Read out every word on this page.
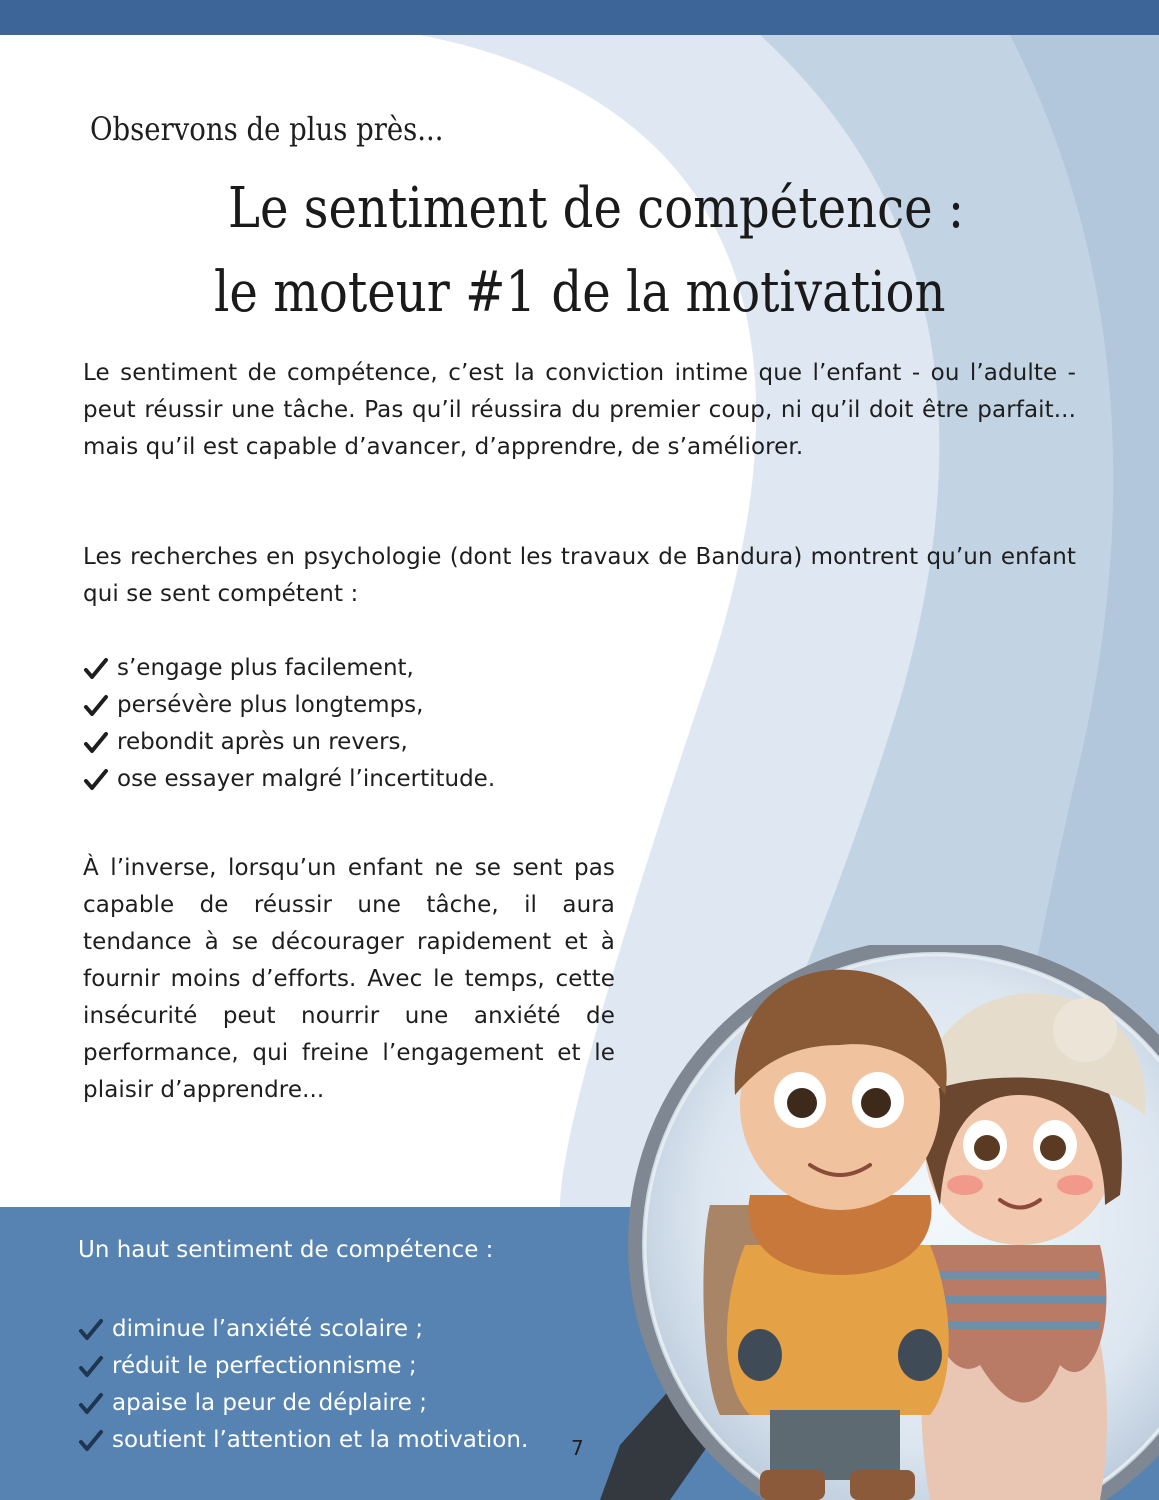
Observons de plus près...
Le sentiment de compétence :
le moteur #1 de la motivation

Le sentiment de compétence, c’est la conviction intime que l’enfant - ou l’adulte - peut réussir une tâche. Pas qu’il réussira du premier coup, ni qu’il doit être parfait... mais qu’il est capable d’avancer, d’apprendre, de s’améliorer.

Les recherches en psychologie (dont les travaux de Bandura) montrent qu’un enfant qui se sent compétent :

s’engage plus facilement,
persévère plus longtemps,
rebondit après un revers,
ose essayer malgré l’incertitude.

À l’inverse, lorsqu’un enfant ne se sent pas capable de réussir une tâche, il aura tendance à se décourager rapidement et à fournir moins d’efforts. Avec le temps, cette insécurité peut nourrir une anxiété de performance, qui freine l’engagement et le plaisir d’apprendre...

Un haut sentiment de compétence :
diminue l’anxiété scolaire ;
réduit le perfectionnisme ;
apaise la peur de déplaire ;
soutient l’attention et la motivation. 7
